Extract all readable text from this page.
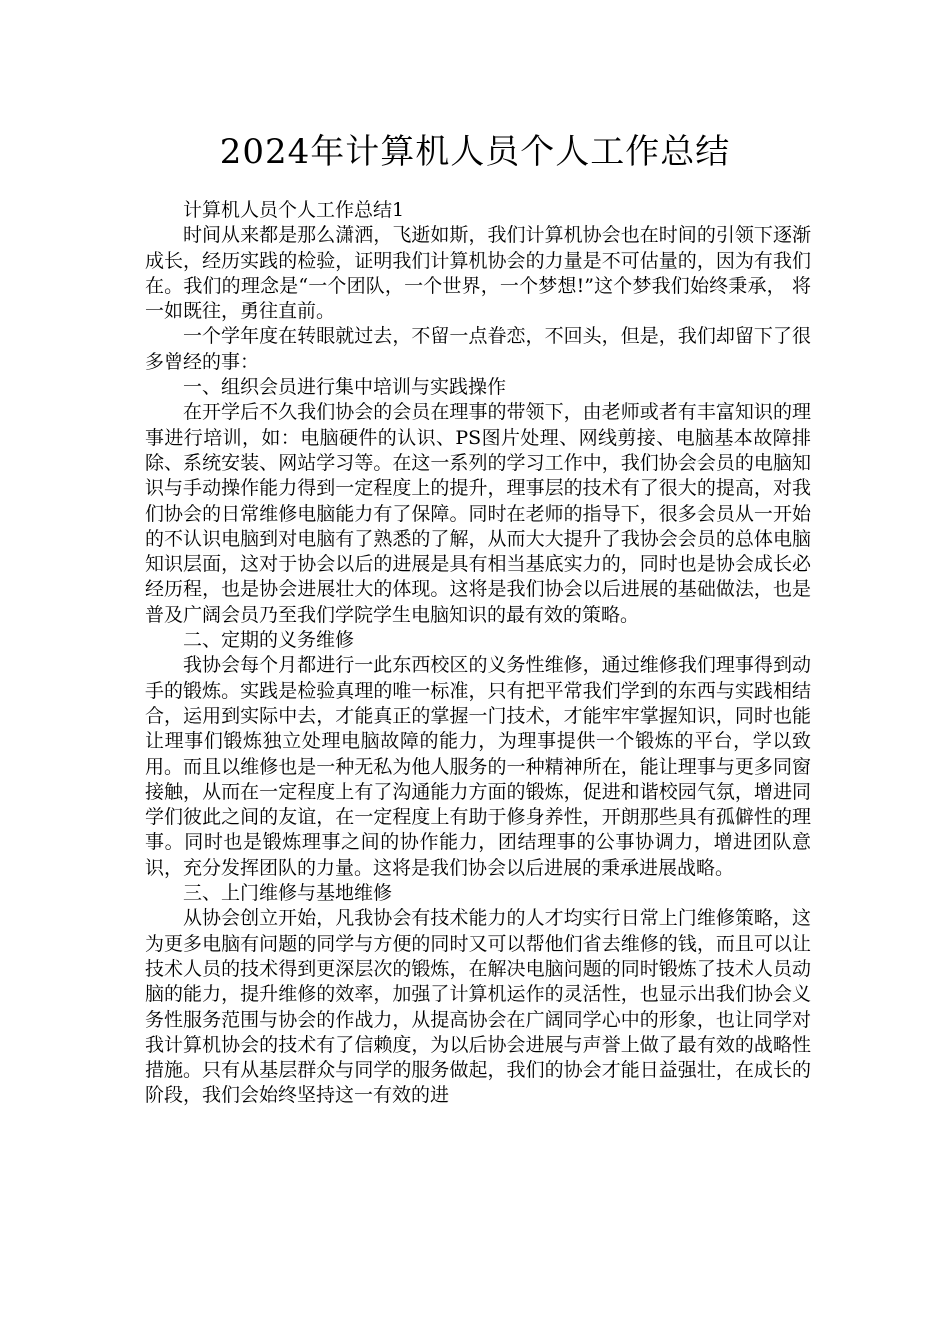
2024年计算机人员个人工作总结

计算机人员个人工作总结1

时间从来都是那么潇洒，飞逝如斯，我们计算机协会也在时间的引领下逐渐成长，经历实践的检验，证明我们计算机协会的力量是不可估量的，因为有我们在。我们的理念是“一个团队，一个世界，一个梦想!”这个梦我们始终秉承， 将一如既往，勇往直前。

一个学年度在转眼就过去，不留一点眷恋，不回头，但是，我们却留下了很多曾经的事：

一、组织会员进行集中培训与实践操作

在开学后不久我们协会的会员在理事的带领下，由老师或者有丰富知识的理事进行培训，如：电脑硬件的认识、PS图片处理、网线剪接、电脑基本故障排除、系统安装、网站学习等。在这一系列的学习工作中，我们协会会员的电脑知识与手动操作能力得到一定程度上的提升，理事层的技术有了很大的提高，对我们协会的日常维修电脑能力有了保障。同时在老师的指导下，很多会员从一开始的不认识电脑到对电脑有了熟悉的了解，从而大大提升了我协会会员的总体电脑知识层面，这对于协会以后的进展是具有相当基底实力的，同时也是协会成长必经历程，也是协会进展壮大的体现。这将是我们协会以后进展的基础做法，也是普及广阔会员乃至我们学院学生电脑知识的最有效的策略。

二、定期的义务维修

我协会每个月都进行一此东西校区的义务性维修，通过维修我们理事得到动手的锻炼。实践是检验真理的唯一标准，只有把平常我们学到的东西与实践相结合，运用到实际中去，才能真正的掌握一门技术，才能牢牢掌握知识，同时也能让理事们锻炼独立处理电脑故障的能力，为理事提供一个锻炼的平台，学以致用。而且以维修也是一种无私为他人服务的一种精神所在，能让理事与更多同窗接触，从而在一定程度上有了沟通能力方面的锻炼，促进和谐校园气氛，增进同学们彼此之间的友谊，在一定程度上有助于修身养性，开朗那些具有孤僻性的理事。同时也是锻炼理事之间的协作能力，团结理事的公事协调力，增进团队意识，充分发挥团队的力量。这将是我们协会以后进展的秉承进展战略。

三、上门维修与基地维修

从协会创立开始，凡我协会有技术能力的人才均实行日常上门维修策略，这为更多电脑有问题的同学与方便的同时又可以帮他们省去维修的钱，而且可以让技术人员的技术得到更深层次的锻炼，在解决电脑问题的同时锻炼了技术人员动脑的能力，提升维修的效率，加强了计算机运作的灵活性，也显示出我们协会义务性服务范围与协会的作战力，从提高协会在广阔同学心中的形象，也让同学对我计算机协会的技术有了信赖度，为以后协会进展与声誉上做了最有效的战略性措施。只有从基层群众与同学的服务做起，我们的协会才能日益强壮，在成长的阶段，我们会始终坚持这一有效的进
